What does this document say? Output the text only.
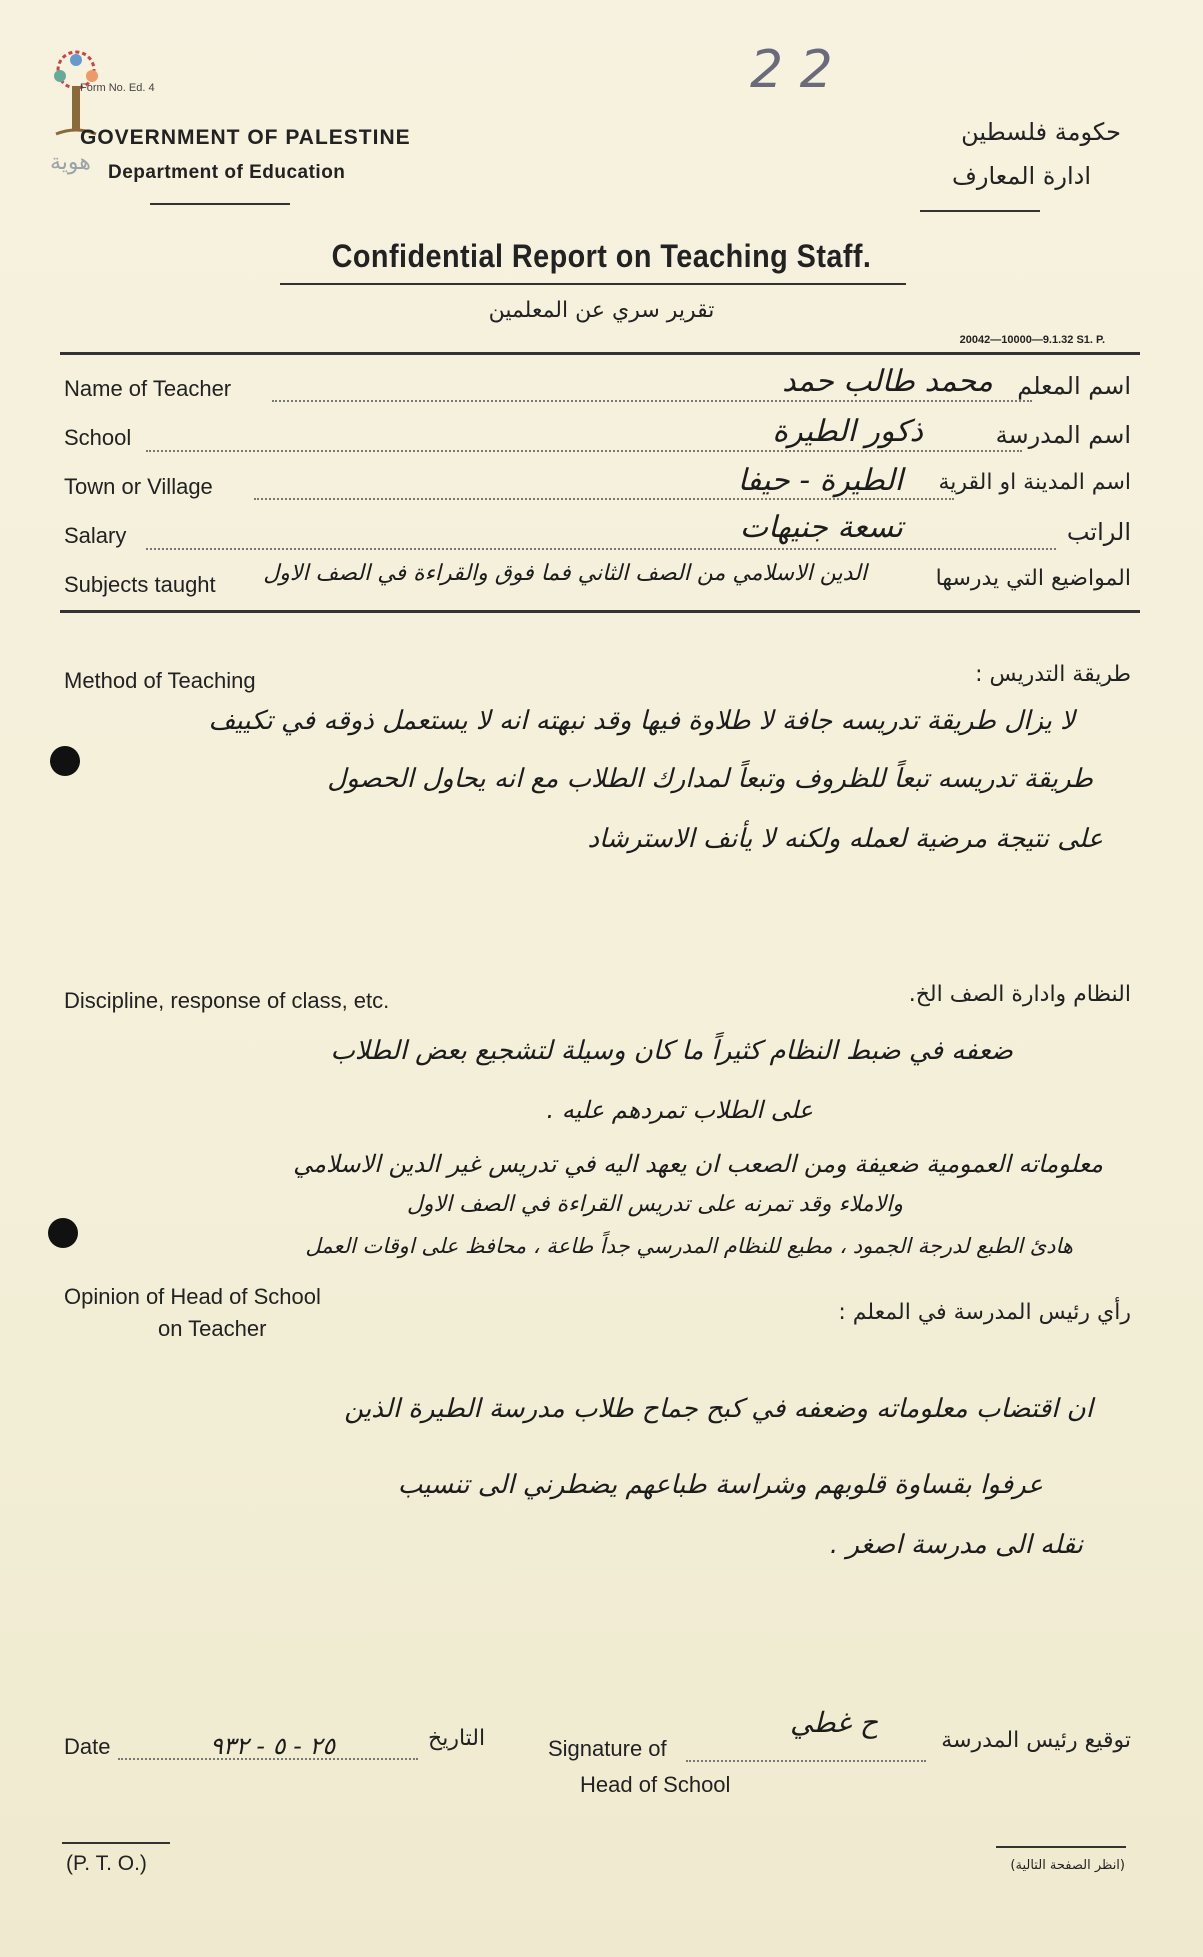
هوية
Form No. Ed. 4	2 2
GOVERNMENT OF PALESTINE
Department of Education
حكومة فلسطين
ادارة المعارف
Confidential Report on Teaching Staff.
تقرير سري عن المعلمين
20042—10000—9.1.32 S1. P.
Name of Teacher	محمد طالب حمد اسم المعلم
School	ذكور الطيرة	اسم المدرسة
Town or Village	الطيرة - حيفا اسم المدينة او القرية
Salary	تسعة جنيهات	الراتب
Subjects taught الدين الاسلامي من الصف الثاني فما فوق والقراءة في الصف الاول	المواضيع التي يدرسها
Method of Teaching	طريقة التدريس :
لا يزال طريقة تدريسه جافة لا طلاوة فيها وقد نبهته انه لا يستعمل ذوقه في تكييف
طريقة تدريسه تبعاً للظروف وتبعاً لمدارك الطلاب مع انه يحاول الحصول
على نتيجة مرضية لعمله ولكنه لا يأنف الاسترشاد
Discipline, response of class, etc.	النظام وادارة الصف الخ.
ضعفه في ضبط النظام كثيراً ما كان وسيلة لتشجيع بعض الطلاب
على الطلاب تمردهم عليه .
معلوماته العمومية ضعيفة ومن الصعب ان يعهد اليه في تدريس غير الدين الاسلامي
والاملاء وقد تمرنه على تدريس القراءة في الصف الاول
هادئ الطبع لدرجة الجمود ، مطيع للنظام المدرسي جداً طاعة ، محافظ على اوقات العمل
Opinion of Head of School
on Teacher
رأي رئيس المدرسة في المعلم :
ان اقتضاب معلوماته وضعفه في كبح جماح طلاب مدرسة الطيرة الذين
عرفوا بقساوة قلوبهم وشراسة طباعهم يضطرني الى تنسيب
نقله الى مدرسة اصغر .
Date	٢٥ - ٥ - ٩٣٢	التاريخ	Signature of
ح غطي
توقيع رئيس المدرسة
Head of School
(P. T. O.)	(انظر الصفحة التالية)
